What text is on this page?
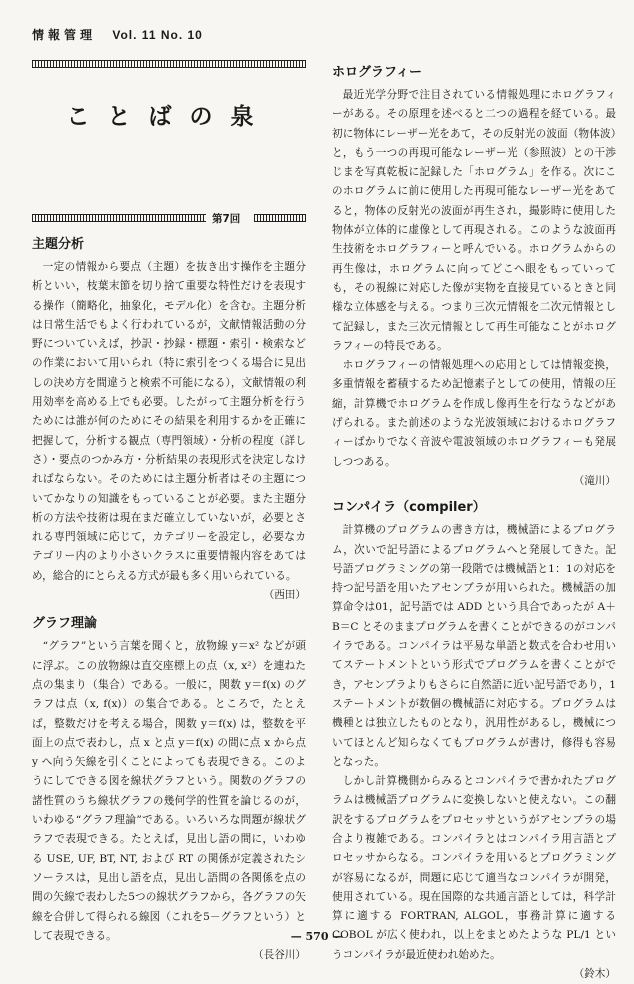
情報管理 Vol. 11 No. 10
ことばの泉
第7回
主題分析

一定の情報から要点（主題）を抜き出す操作を主題分析といい，枝葉末節を切り捨て重要な特性だけを表現する操作（簡略化，抽象化，モデル化）を含む。主題分析は日常生活でもよく行われているが，文献情報活動の分野についていえば，抄訳・抄録・標題・索引・検索などの作業において用いられ（特に索引をつくる場合に見出しの決め方を間違うと検索不可能になる），文献情報の利用効率を高める上でも必要。したがって主題分析を行うためには誰が何のためにその結果を利用するかを正確に把握して，分析する観点（専門領域）・分析の程度（詳しさ）・要点のつかみ方・分析結果の表現形式を決定しなければならない。そのためには主題分析者はその主題についてかなりの知識をもっていることが必要。また主題分析の方法や技術は現在まだ確立していないが，必要とされる専門領域に応じて，カテゴリーを設定し，必要なカテゴリー内のより小さいクラスに重要情報内容をあてはめ，総合的にとらえる方式が最も多く用いられている。

（西田）
グラフ理論

“グラフ”という言葉を聞くと，放物線 y＝x² などが頭に浮ぶ。この放物線は直交座標上の点（x, x²）を連ねた点の集まり（集合）である。一般に，関数 y＝f(x) のグラフは点（x, f(x)）の集合である。ところで，たとえば，整数だけを考える場合，関数 y＝f(x) は，整数を平面上の点で表わし，点 x と点 y＝f(x) の間に点 x から点 y へ向う矢線を引くことによっても表現できる。このようにしてできる図を線状グラフという。関数のグラフの諸性質のうち線状グラフの幾何学的性質を論じるのが，いわゆる“グラフ理論”である。いろいろな問題が線状グラフで表現できる。たとえば，見出し語の間に，いわゆる USE, UF, BT, NT, および RT の関係が定義されたシソーラスは，見出し語を点，見出し語間の各関係を点の間の矢線で表わした5つの線状グラフから，各グラフの矢線を合併して得られる線図（これを5－グラフという）として表現できる。

（長谷川）
ホログラフィー

最近光学分野で注目されている情報処理にホログラフィーがある。その原理を述べると二つの過程を経ている。最初に物体にレーザー光をあて，その反射光の波面（物体波）と，もう一つの再現可能なレーザー光（参照波）との干渉じまを写真乾板に記録した「ホログラム」を作る。次にこのホログラムに前に使用した再現可能なレーザー光をあてると，物体の反射光の波面が再生され，撮影時に使用した物体が立体的に虚像として再現される。このような波面再生技術をホログラフィーと呼んでいる。ホログラムからの再生像は，ホログラムに向ってどこへ眼をもっていっても，その視線に対応した像が実物を直接見ているときと同様な立体感を与える。つまり三次元情報を二次元情報として記録し，また三次元情報として再生可能なことがホログラフィーの特長である。

ホログラフィーの情報処理への応用としては情報変換，多重情報を蓄積するため記憶素子としての使用，情報の圧縮，計算機でホログラムを作成し像再生を行なうなどがあげられる。また前述のような光波領域におけるホログラフィーばかりでなく音波や電波領域のホログラフィーも発展しつつある。

（滝川）
コンパイラ（compiler）

計算機のプログラムの書き方は，機械語によるプログラム，次いで記号語によるプログラムへと発展してきた。記号語プログラミングの第一段階では機械語と1：1の対応を持つ記号語を用いたアセンブラが用いられた。機械語の加算命令は01，記号語では ADD という具合であったが A＋B＝C とそのままプログラムを書くことができるのがコンパイラである。コンパイラは平易な単語と数式を合わせ用いてステートメントという形式でプログラムを書くことができ，アセンブラよりもさらに自然語に近い記号語であり，1ステートメントが数個の機械語に対応する。プログラムは機種とは独立したものとなり，汎用性があるし，機械についてほとんど知らなくてもプログラムが書け，修得も容易となった。

しかし計算機側からみるとコンパイラで書かれたプログラムは機械語プログラムに変換しないと使えない。この翻訳をするプログラムをプロセッサというがアセンブラの場合より複雑である。コンパイラとはコンパイラ用言語とプロセッサからなる。コンパイラを用いるとプログラミングが容易になるが，問題に応じて適当なコンパイラが開発，使用されている。現在国際的な共通言語としては，科学計算に適する FORTRAN, ALGOL，事務計算に適する COBOL が広く使われ，以上をまとめたような PL/1 というコンパイラが最近使われ始めた。

（鈴木）
— 570 —
